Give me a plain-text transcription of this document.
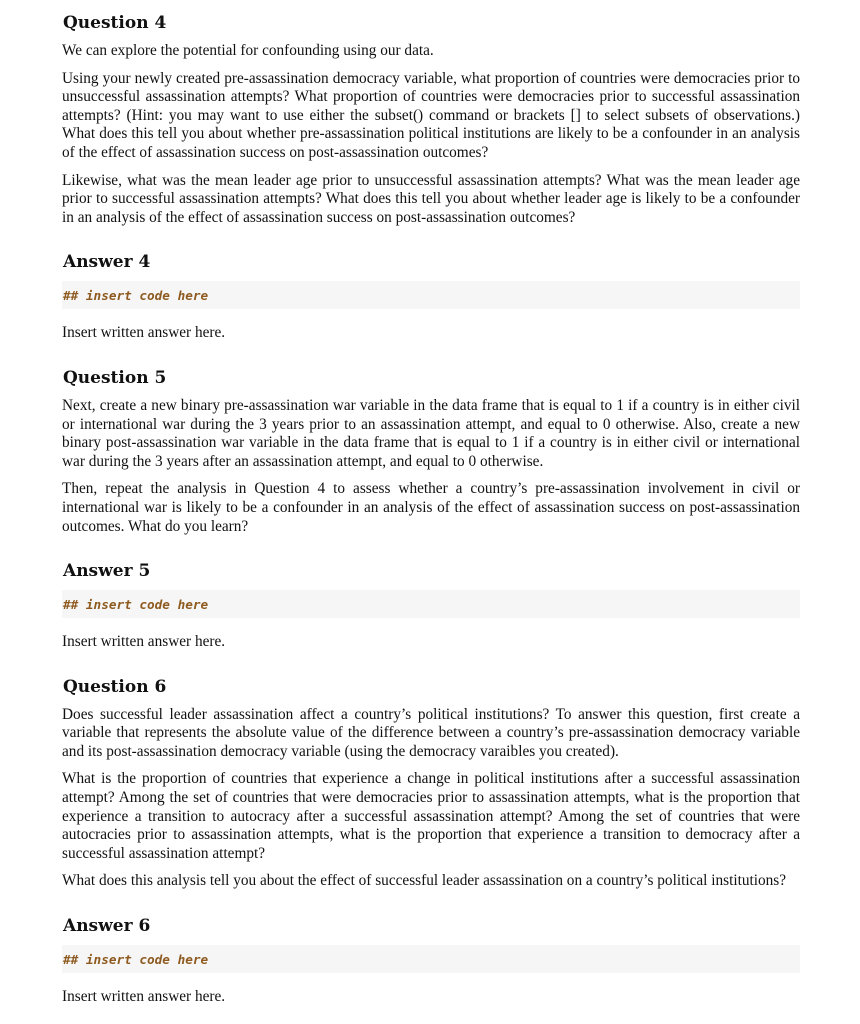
Question 4

We can explore the potential for confounding using our data.

Using your newly created pre-assassination democracy variable, what proportion of countries were democracies prior to unsuccessful assassination attempts? What proportion of countries were democracies prior to successful assassination attempts? (Hint: you may want to use either the subset() command or brackets [] to select subsets of observations.) What does this tell you about whether pre-assassination political institutions are likely to be a confounder in an analysis of the effect of assassination success on post-assassination outcomes?

Likewise, what was the mean leader age prior to unsuccessful assassination attempts? What was the mean leader age prior to successful assassination attempts? What does this tell you about whether leader age is likely to be a confounder in an analysis of the effect of assassination success on post-assassination outcomes?

Answer 4
## insert code here

Insert written answer here.

Question 5

Next, create a new binary pre-assassination war variable in the data frame that is equal to 1 if a country is in either civil or international war during the 3 years prior to an assassination attempt, and equal to 0 otherwise. Also, create a new binary post-assassination war variable in the data frame that is equal to 1 if a country is in either civil or international war during the 3 years after an assassination attempt, and equal to 0 otherwise.

Then, repeat the analysis in Question 4 to assess whether a country’s pre-assassination involvement in civil or international war is likely to be a confounder in an analysis of the effect of assassination success on post-assassination outcomes. What do you learn?

Answer 5
## insert code here

Insert written answer here.

Question 6

Does successful leader assassination affect a country’s political institutions? To answer this question, first create a variable that represents the absolute value of the difference between a country’s pre-assassination democracy variable and its post-assassination democracy variable (using the democracy varaibles you created).

What is the proportion of countries that experience a change in political institutions after a successful assassination attempt? Among the set of countries that were democracies prior to assassination attempts, what is the proportion that experience a transition to autocracy after a successful assassination attempt? Among the set of countries that were autocracies prior to assassination attempts, what is the proportion that experience a transition to democracy after a successful assassination attempt?

What does this analysis tell you about the effect of successful leader assassination on a country’s political institutions?

Answer 6
## insert code here

Insert written answer here.
